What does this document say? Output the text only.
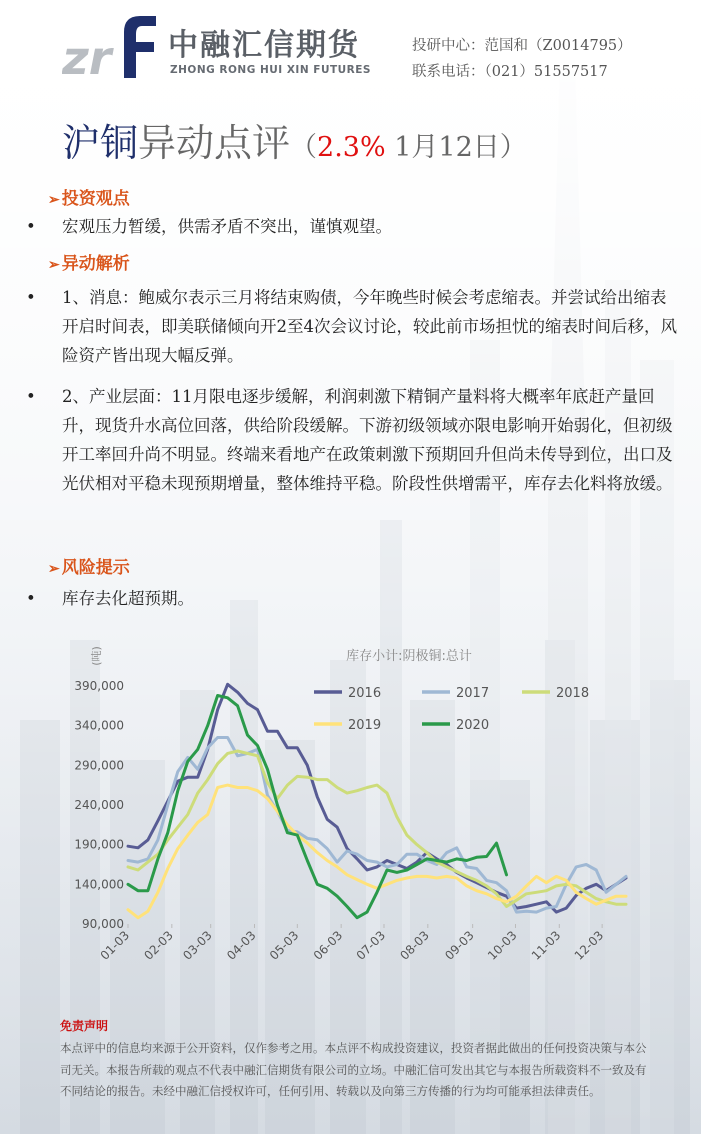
zr 中融汇信期货
ZHONG RONG HUI XIN FUTURES
投研中心：范国和（Z0014795）
联系电话：（021）51557517
沪铜异动点评（2.3% 1月12日）
➢ 投资观点
• 宏观压力暂缓，供需矛盾不突出，谨慎观望。
➢ 异动解析
• 1、消息：鲍威尔表示三月将结束购债，今年晚些时候会考虑缩表。并尝试给出缩表开启时间表，即美联储倾向开2至4次会议讨论，较此前市场担忧的缩表时间后移，风险资产皆出现大幅反弹。
• 2、产业层面：11月限电逐步缓解，利润刺激下精铜产量料将大概率年底赶产量回升，现货升水高位回落，供给阶段缓解。下游初级领域亦限电影响开始弱化，但初级开工率回升尚不明显。终端来看地产在政策刺激下预期回升但尚未传导到位，出口及光伏相对平稳未现预期增量，整体维持平稳。阶段性供增需平，库存去化料将放缓。
➢ 风险提示
• 库存去化超预期。
库存小计:阴极铜:总计
(吨)
90,000
140,000
190,000
240,000
290,000
340,000
390,000
01-03 02-03 03-03 04-03 05-03 06-03 07-03 08-03 09-03 10-03 11-03 12-03
2016	2017	2018
2019	2020
免责声明
本点评中的信息均来源于公开资料，仅作参考之用。本点评不构成投资建议，投资者据此做出的任何投资决策与本公司无关。本报告所载的观点不代表中融汇信期货有限公司的立场。中融汇信可发出其它与本报告所载资料不一致及有不同结论的报告。未经中融汇信授权许可，任何引用、转载以及向第三方传播的行为均可能承担法律责任。
